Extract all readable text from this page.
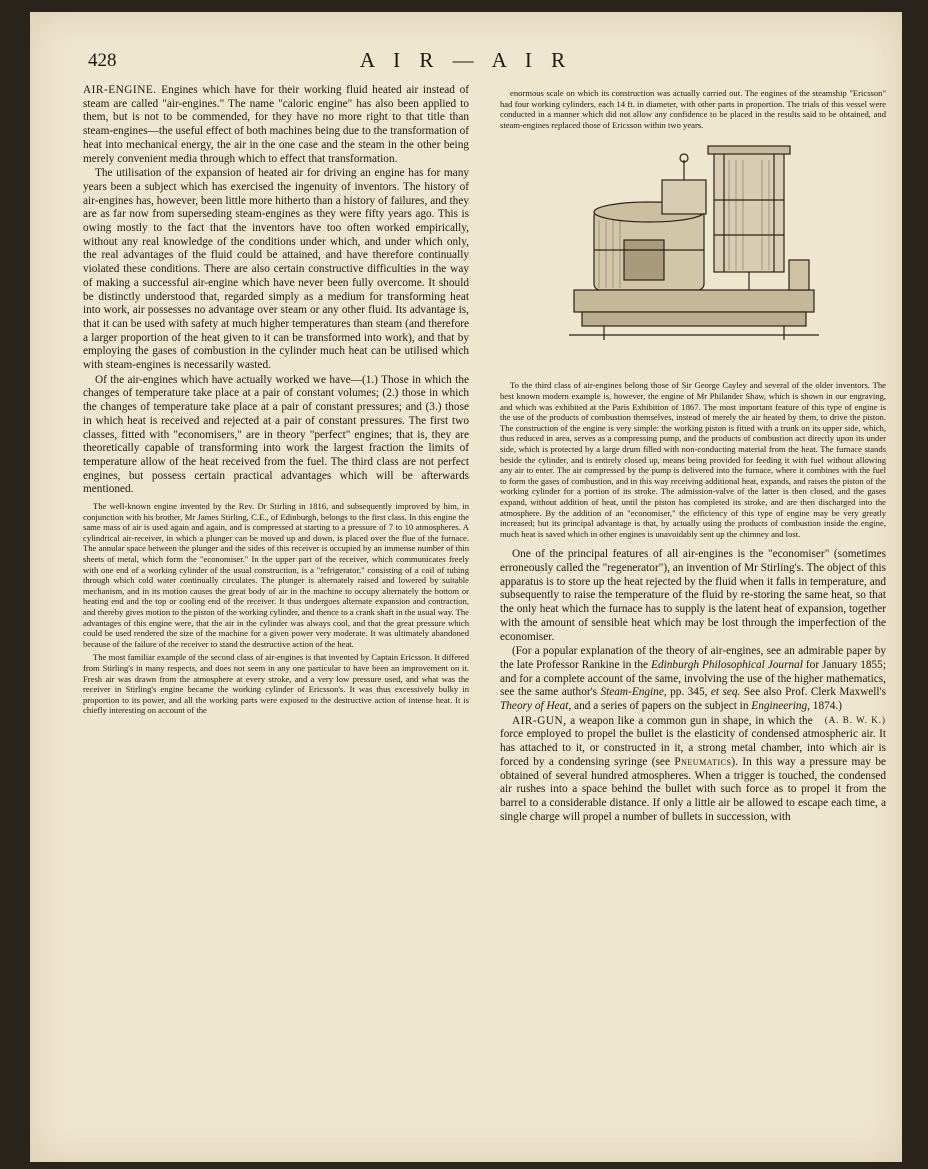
428	A I R — A I R

AIR-ENGINE. Engines which have for their working fluid heated air instead of steam are called "air-engines." The name "caloric engine" has also been applied to them, but is not to be commended, for they have no more right to that title than steam-engines—the useful effect of both machines being due to the transformation of heat into mechanical energy, the air in the one case and the steam in the other being merely convenient media through which to effect that transformation.

The utilisation of the expansion of heated air for driving an engine has for many years been a subject which has exercised the ingenuity of inventors. The history of air-engines has, however, been little more hitherto than a history of failures, and they are as far now from superseding steam-engines as they were fifty years ago. This is owing mostly to the fact that the inventors have too often worked empirically, without any real knowledge of the conditions under which, and under which only, the real advantages of the fluid could be attained, and have therefore continually violated these conditions. There are also certain constructive difficulties in the way of making a successful air-engine which have never been fully overcome. It should be distinctly understood that, regarded simply as a medium for transforming heat into work, air possesses no advantage over steam or any other fluid. Its advantage is, that it can be used with safety at much higher temperatures than steam (and therefore a larger proportion of the heat given to it can be transformed into work), and that by employing the gases of combustion in the cylinder much heat can be utilised which with steam-engines is necessarily wasted.

Of the air-engines which have actually worked we have—(1.) Those in which the changes of temperature take place at a pair of constant volumes; (2.) those in which the changes of temperature take place at a pair of constant pressures; and (3.) those in which heat is received and rejected at a pair of constant pressures. The first two classes, fitted with "economisers," are in theory "perfect" engines; that is, they are theoretically capable of transforming into work the largest fraction the limits of temperature allow of the heat received from the fuel. The third class are not perfect engines, but possess certain practical advantages which will be afterwards mentioned.

The well-known engine invented by the Rev. Dr Stirling in 1816, and subsequently improved by him, in conjunction with his brother, Mr James Stirling, C.E., of Edinburgh, belongs to the first class. In this engine the same mass of air is used again and again, and is compressed at starting to a pressure of 7 to 10 atmospheres. A cylindrical air-receiver, in which a plunger can be moved up and down, is placed over the flue of the furnace. The annular space between the plunger and the sides of this receiver is occupied by an immense number of thin sheets of metal, which form the "economiser." In the upper part of the receiver, which communicates freely with one end of a working cylinder of the usual construction, is a "refrigerator," consisting of a coil of tubing through which cold water continually circulates. The plunger is alternately raised and lowered by suitable mechanism, and in its motion causes the great body of air in the machine to occupy alternately the bottom or heating end and the top or cooling end of the receiver. It thus undergoes alternate expansion and contraction, and thereby gives motion to the piston of the working cylinder, and thence to a crank shaft in the usual way. The advantages of this engine were, that the air in the cylinder was always cool, and that the great pressure which could be used rendered the size of the machine for a given power very moderate. It was ultimately abandoned because of the failure of the receiver to stand the destructive action of the heat.

The most familiar example of the second class of air-engines is that invented by Captain Ericsson. It differed from Stirling's in many respects, and does not seem in any one particular to have been an improvement on it. Fresh air was drawn from the atmosphere at every stroke, and a very low pressure used, and what was the receiver in Stirling's engine became the working cylinder of Ericsson's. It was thus excessively bulky in proportion to its power, and all the working parts were exposed to the destructive action of intense heat. It is chiefly interesting on account of the

enormous scale on which its construction was actually carried out. The engines of the steamship "Ericsson" had four working cylinders, each 14 ft. in diameter, with other parts in proportion. The trials of this vessel were conducted in a manner which did not allow any confidence to be placed in the results said to be obtained, and steam-engines replaced those of Ericsson within two years.

To the third class of air-engines belong those of Sir George Cayley and several of the older inventors. The best known modern example is, however, the engine of Mr Philander Shaw, which is shown in our engraving, and which was exhibited at the Paris Exhibition of 1867. The most important feature of this type of engine is the use of the products of combustion themselves, instead of merely the air heated by them, to drive the piston. The construction of the engine is very simple: the working piston is fitted with a trunk on its upper side, which, thus reduced in area, serves as a compressing pump, and the products of combustion act directly upon its under side, which is protected by a large drum filled with non-conducting material from the heat. The furnace stands beside the cylinder, and is entirely closed up, means being provided for feeding it with fuel without allowing any air to enter. The air compressed by the pump is delivered into the furnace, where it combines with the fuel to form the gases of combustion, and in this way receiving additional heat, expands, and raises the piston of the working cylinder for a portion of its stroke. The admission-valve of the latter is then closed, and the gases expand, without addition of heat, until the piston has completed its stroke, and are then discharged into the atmosphere. By the addition of an "economiser," the efficiency of this type of engine may be very greatly increased; but its principal advantage is that, by actually using the products of combustion inside the engine, much heat is saved which in other engines is unavoidably sent up the chimney and lost.

One of the principal features of all air-engines is the "economiser" (sometimes erroneously called the "regenerator"), an invention of Mr Stirling's. The object of this apparatus is to store up the heat rejected by the fluid when it falls in temperature, and subsequently to raise the temperature of the fluid by re-storing the same heat, so that the only heat which the furnace has to supply is the latent heat of expansion, together with the amount of sensible heat which may be lost through the imperfection of the economiser.

(For a popular explanation of the theory of air-engines, see an admirable paper by the late Professor Rankine in the Edinburgh Philosophical Journal for January 1855; and for a complete account of the same, involving the use of the higher mathematics, see the same author's Steam-Engine, pp. 345, et seq. See also Prof. Clerk Maxwell's Theory of Heat, and a series of papers on the subject in Engineering, 1874.)
(A. B. W. K.)

AIR-GUN, a weapon like a common gun in shape, in which the force employed to propel the bullet is the elasticity of condensed atmospheric air. It has attached to it, or constructed in it, a strong metal chamber, into which air is forced by a condensing syringe (see Pneumatics). In this way a pressure may be obtained of several hundred atmospheres. When a trigger is touched, the condensed air rushes into a space behind the bullet with such force as to propel it from the barrel to a considerable distance. If only a little air be allowed to escape each time, a single charge will propel a number of bullets in succession, with
